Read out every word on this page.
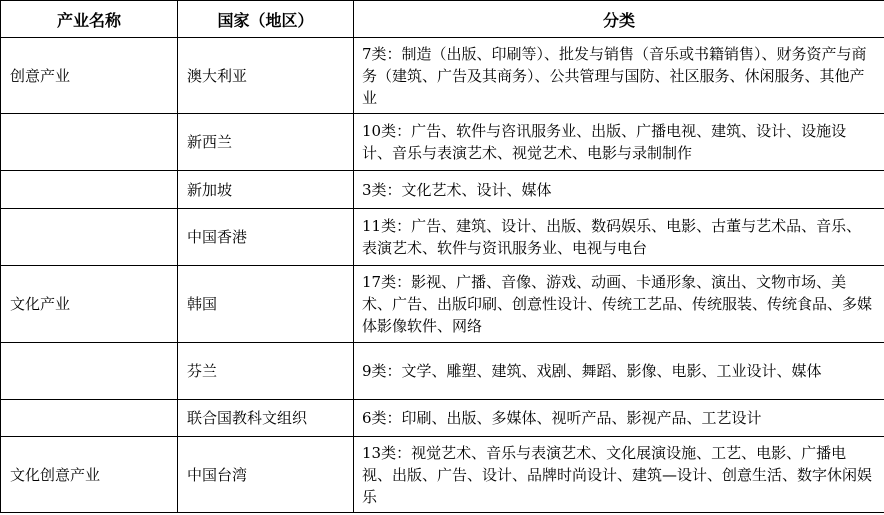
产业名称	国家（地区）	分类
创意产业	澳大利亚	7类：制造（出版、印刷等）、批发与销售（音乐或书籍销售）、财务资产与商务（建筑、广告及其商务）、公共管理与国防、社区服务、休闲服务、其他产业
	新西兰	10类：广告、软件与咨讯服务业、出版、广播电视、建筑、设计、设施设计、音乐与表演艺术、视觉艺术、电影与录制制作
	新加坡	3类：文化艺术、设计、媒体
	中国香港	11类：广告、建筑、设计、出版、数码娱乐、电影、古董与艺术品、音乐、表演艺术、软件与资讯服务业、电视与电台
文化产业	韩国	17类：影视、广播、音像、游戏、动画、卡通形象、演出、文物市场、美术、广告、出版印刷、创意性设计、传统工艺品、传统服装、传统食品、多媒体影像软件、网络
	芬兰	9类：文学、雕塑、建筑、戏剧、舞蹈、影像、电影、工业设计、媒体
	联合国教科文组织	6类：印刷、出版、多媒体、视听产品、影视产品、工艺设计
文化创意产业	中国台湾	13类：视觉艺术、音乐与表演艺术、文化展演设施、工艺、电影、广播电视、出版、广告、设计、品牌时尚设计、建筑—设计、创意生活、数字休闲娱乐
